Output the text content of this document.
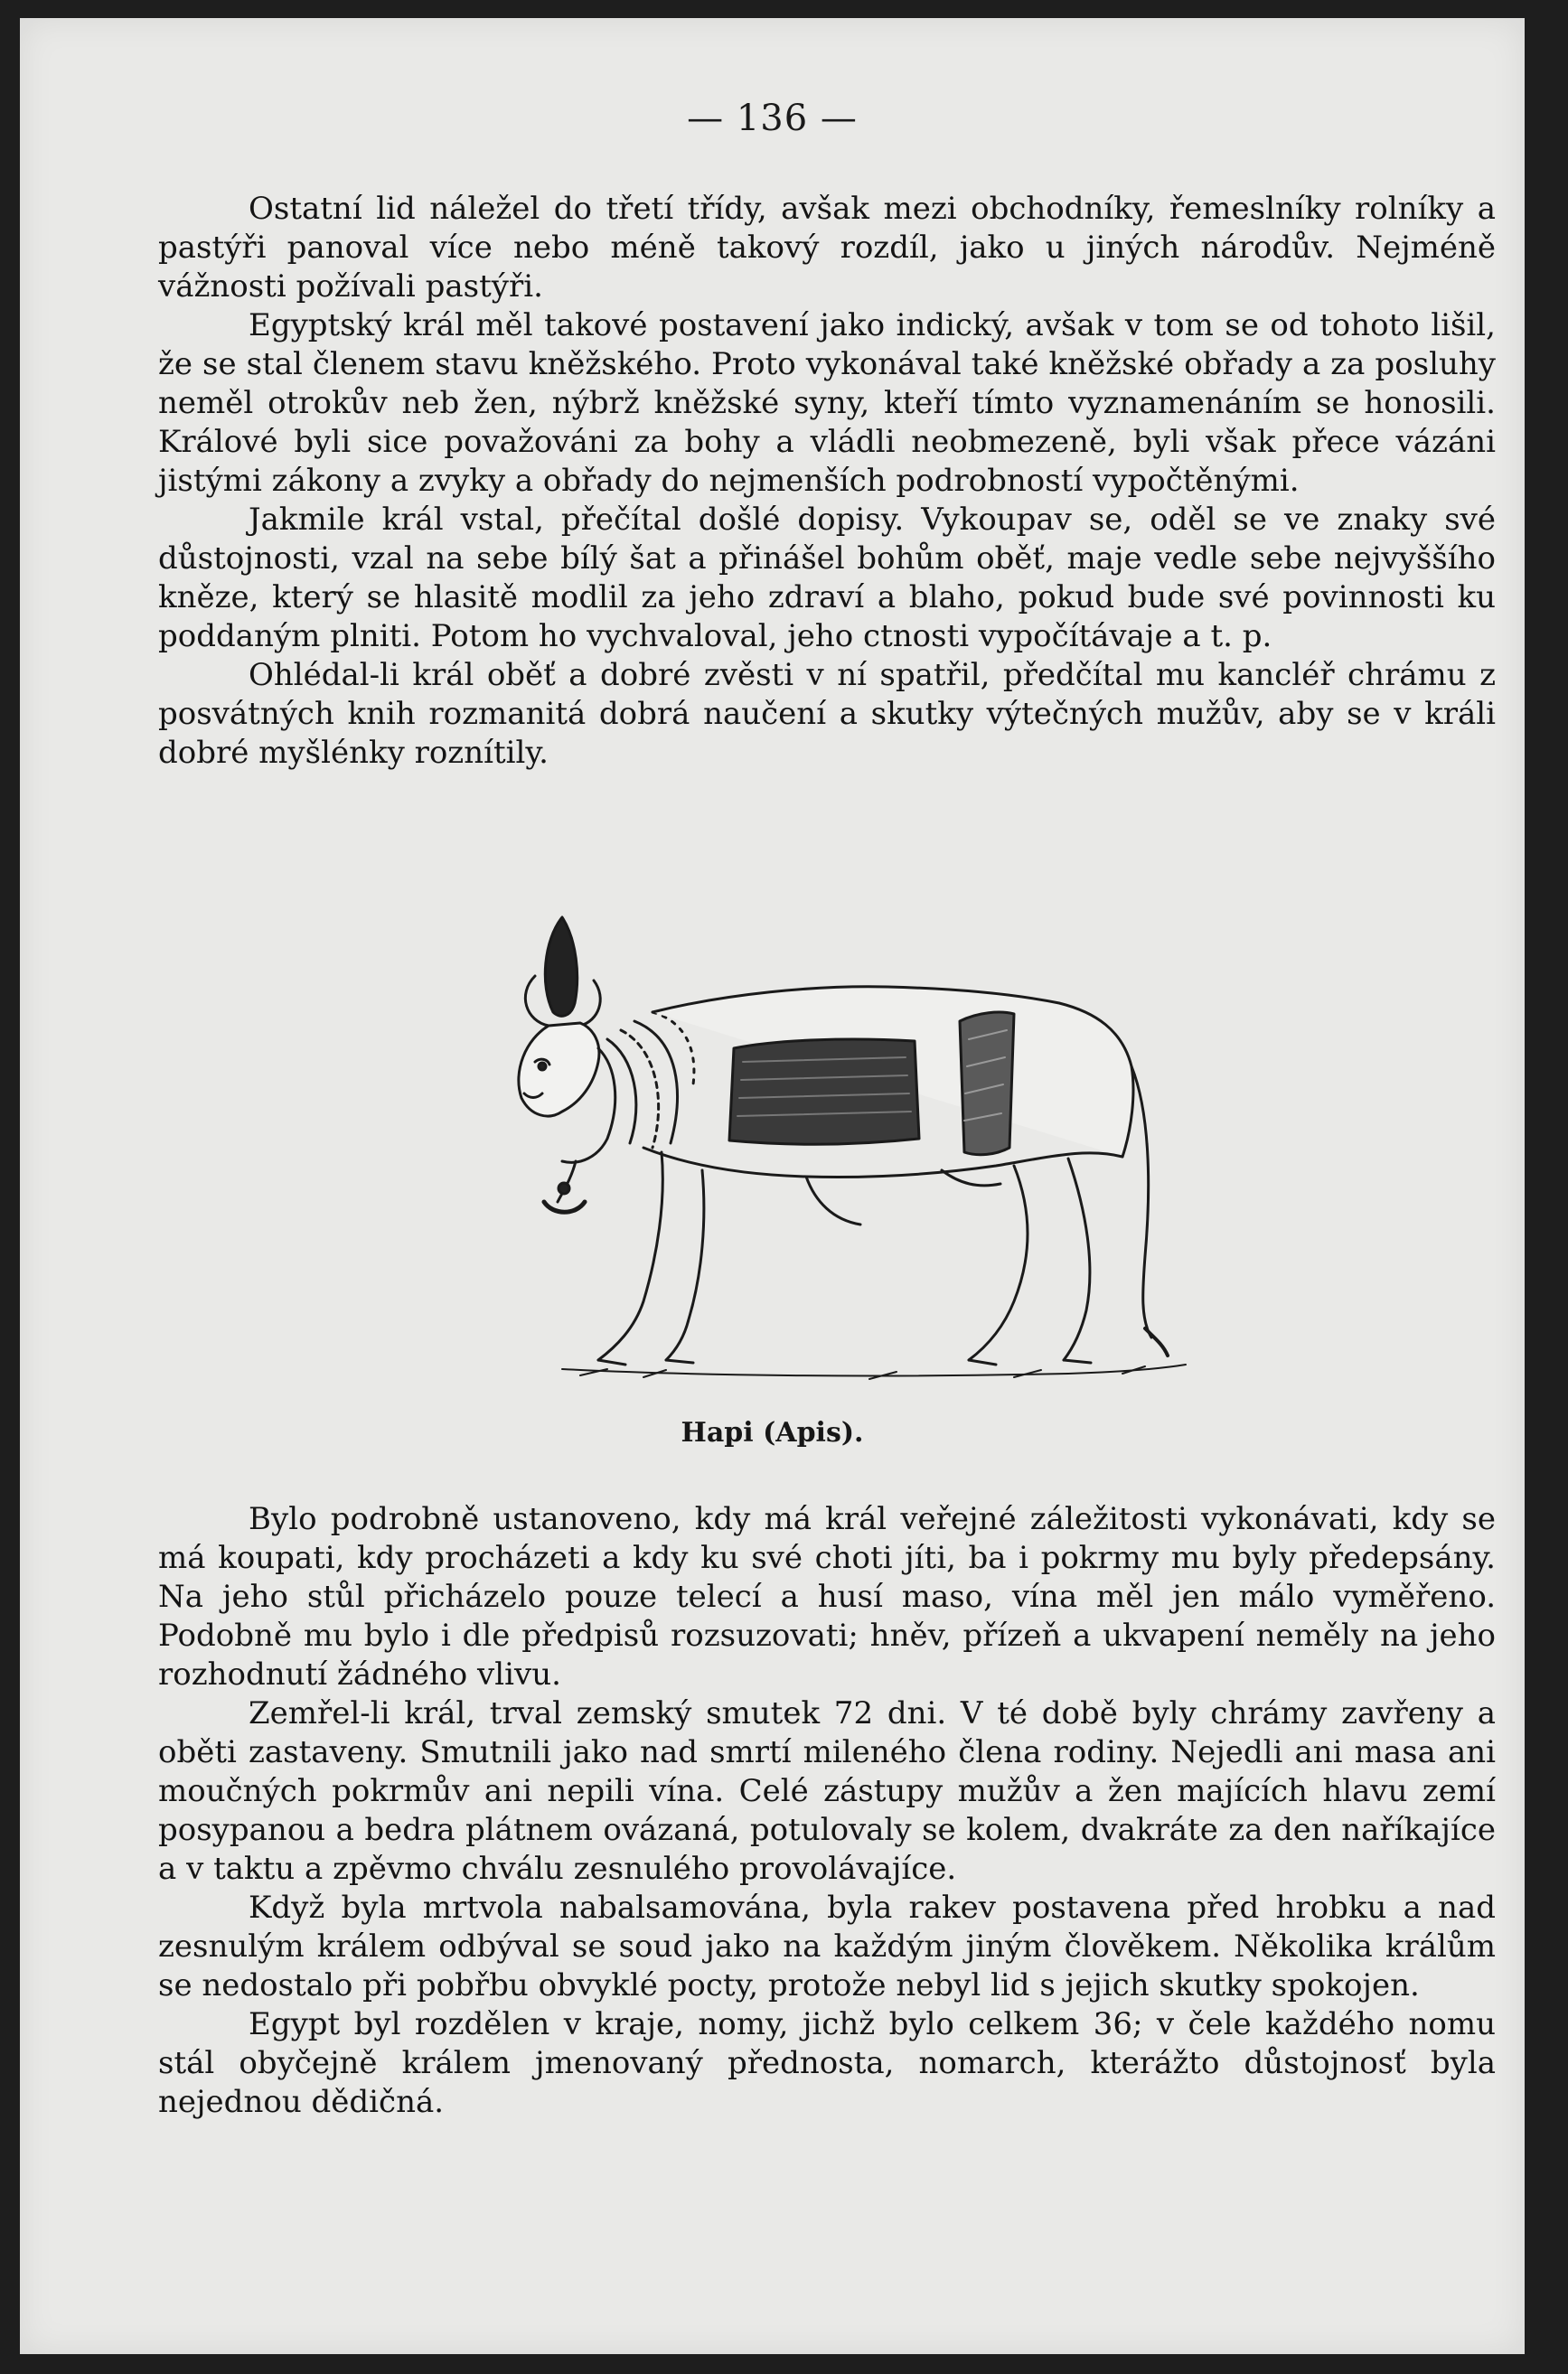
— 136 —

Ostatní lid náležel do třetí třídy, avšak mezi obchodníky, řemeslníky rolníky a pastýři panoval více nebo méně takový rozdíl, jako u jiných národův. Nejméně vážnosti požívali pastýři.

Egyptský král měl takové postavení jako indický, avšak v tom se od tohoto lišil, že se stal členem stavu kněžského. Proto vykonával také kněžské obřady a za posluhy neměl otrokův neb žen, nýbrž kněžské syny, kteří tímto vyznamenáním se honosili. Králové byli sice považováni za bohy a vládli neobmezeně, byli však přece vázáni jistými zákony a zvyky a obřady do nejmenších podrobností vypočtěnými.

Jakmile král vstal, přečítal došlé dopisy. Vykoupav se, oděl se ve znaky své důstojnosti, vzal na sebe bílý šat a přinášel bohům oběť, maje vedle sebe nejvyššího kněze, který se hlasitě modlil za jeho zdraví a blaho, pokud bude své povinnosti ku poddaným plniti. Potom ho vychvaloval, jeho ctnosti vypočítávaje a t. p.

Ohlédal-li král oběť a dobré zvěsti v ní spatřil, předčítal mu kancléř chrámu z posvátných knih rozmanitá dobrá naučení a skutky výtečných mužův, aby se v králi dobré myšlénky roznítily.

Hapi (Apis).

Bylo podrobně ustanoveno, kdy má král veřejné záležitosti vykonávati, kdy se má koupati, kdy procházeti a kdy ku své choti jíti, ba i pokrmy mu byly předepsány. Na jeho stůl přicházelo pouze telecí a husí maso, vína měl jen málo vyměřeno. Podobně mu bylo i dle předpisů rozsuzovati; hněv, přízeň a ukvapení neměly na jeho rozhodnutí žádného vlivu.

Zemřel-li král, trval zemský smutek 72 dni. V té době byly chrámy zavřeny a oběti zastaveny. Smutnili jako nad smrtí mileného člena rodiny. Nejedli ani masa ani moučných pokrmův ani nepili vína. Celé zástupy mužův a žen majících hlavu zemí posypanou a bedra plátnem ovázaná, potulovaly se kolem, dvakráte za den naříkajíce a v taktu a zpěvmo chválu zesnulého provolávajíce.

Když byla mrtvola nabalsamována, byla rakev postavena před hrobku a nad zesnulým králem odbýval se soud jako na každým jiným člověkem. Několika králům se nedostalo při pobřbu obvyklé pocty, protože nebyl lid s jejich skutky spokojen.

Egypt byl rozdělen v kraje, nomy, jichž bylo celkem 36; v čele každého nomu stál obyčejně králem jmenovaný přednosta, nomarch, kterážto důstojnosť byla nejednou dědičná.
